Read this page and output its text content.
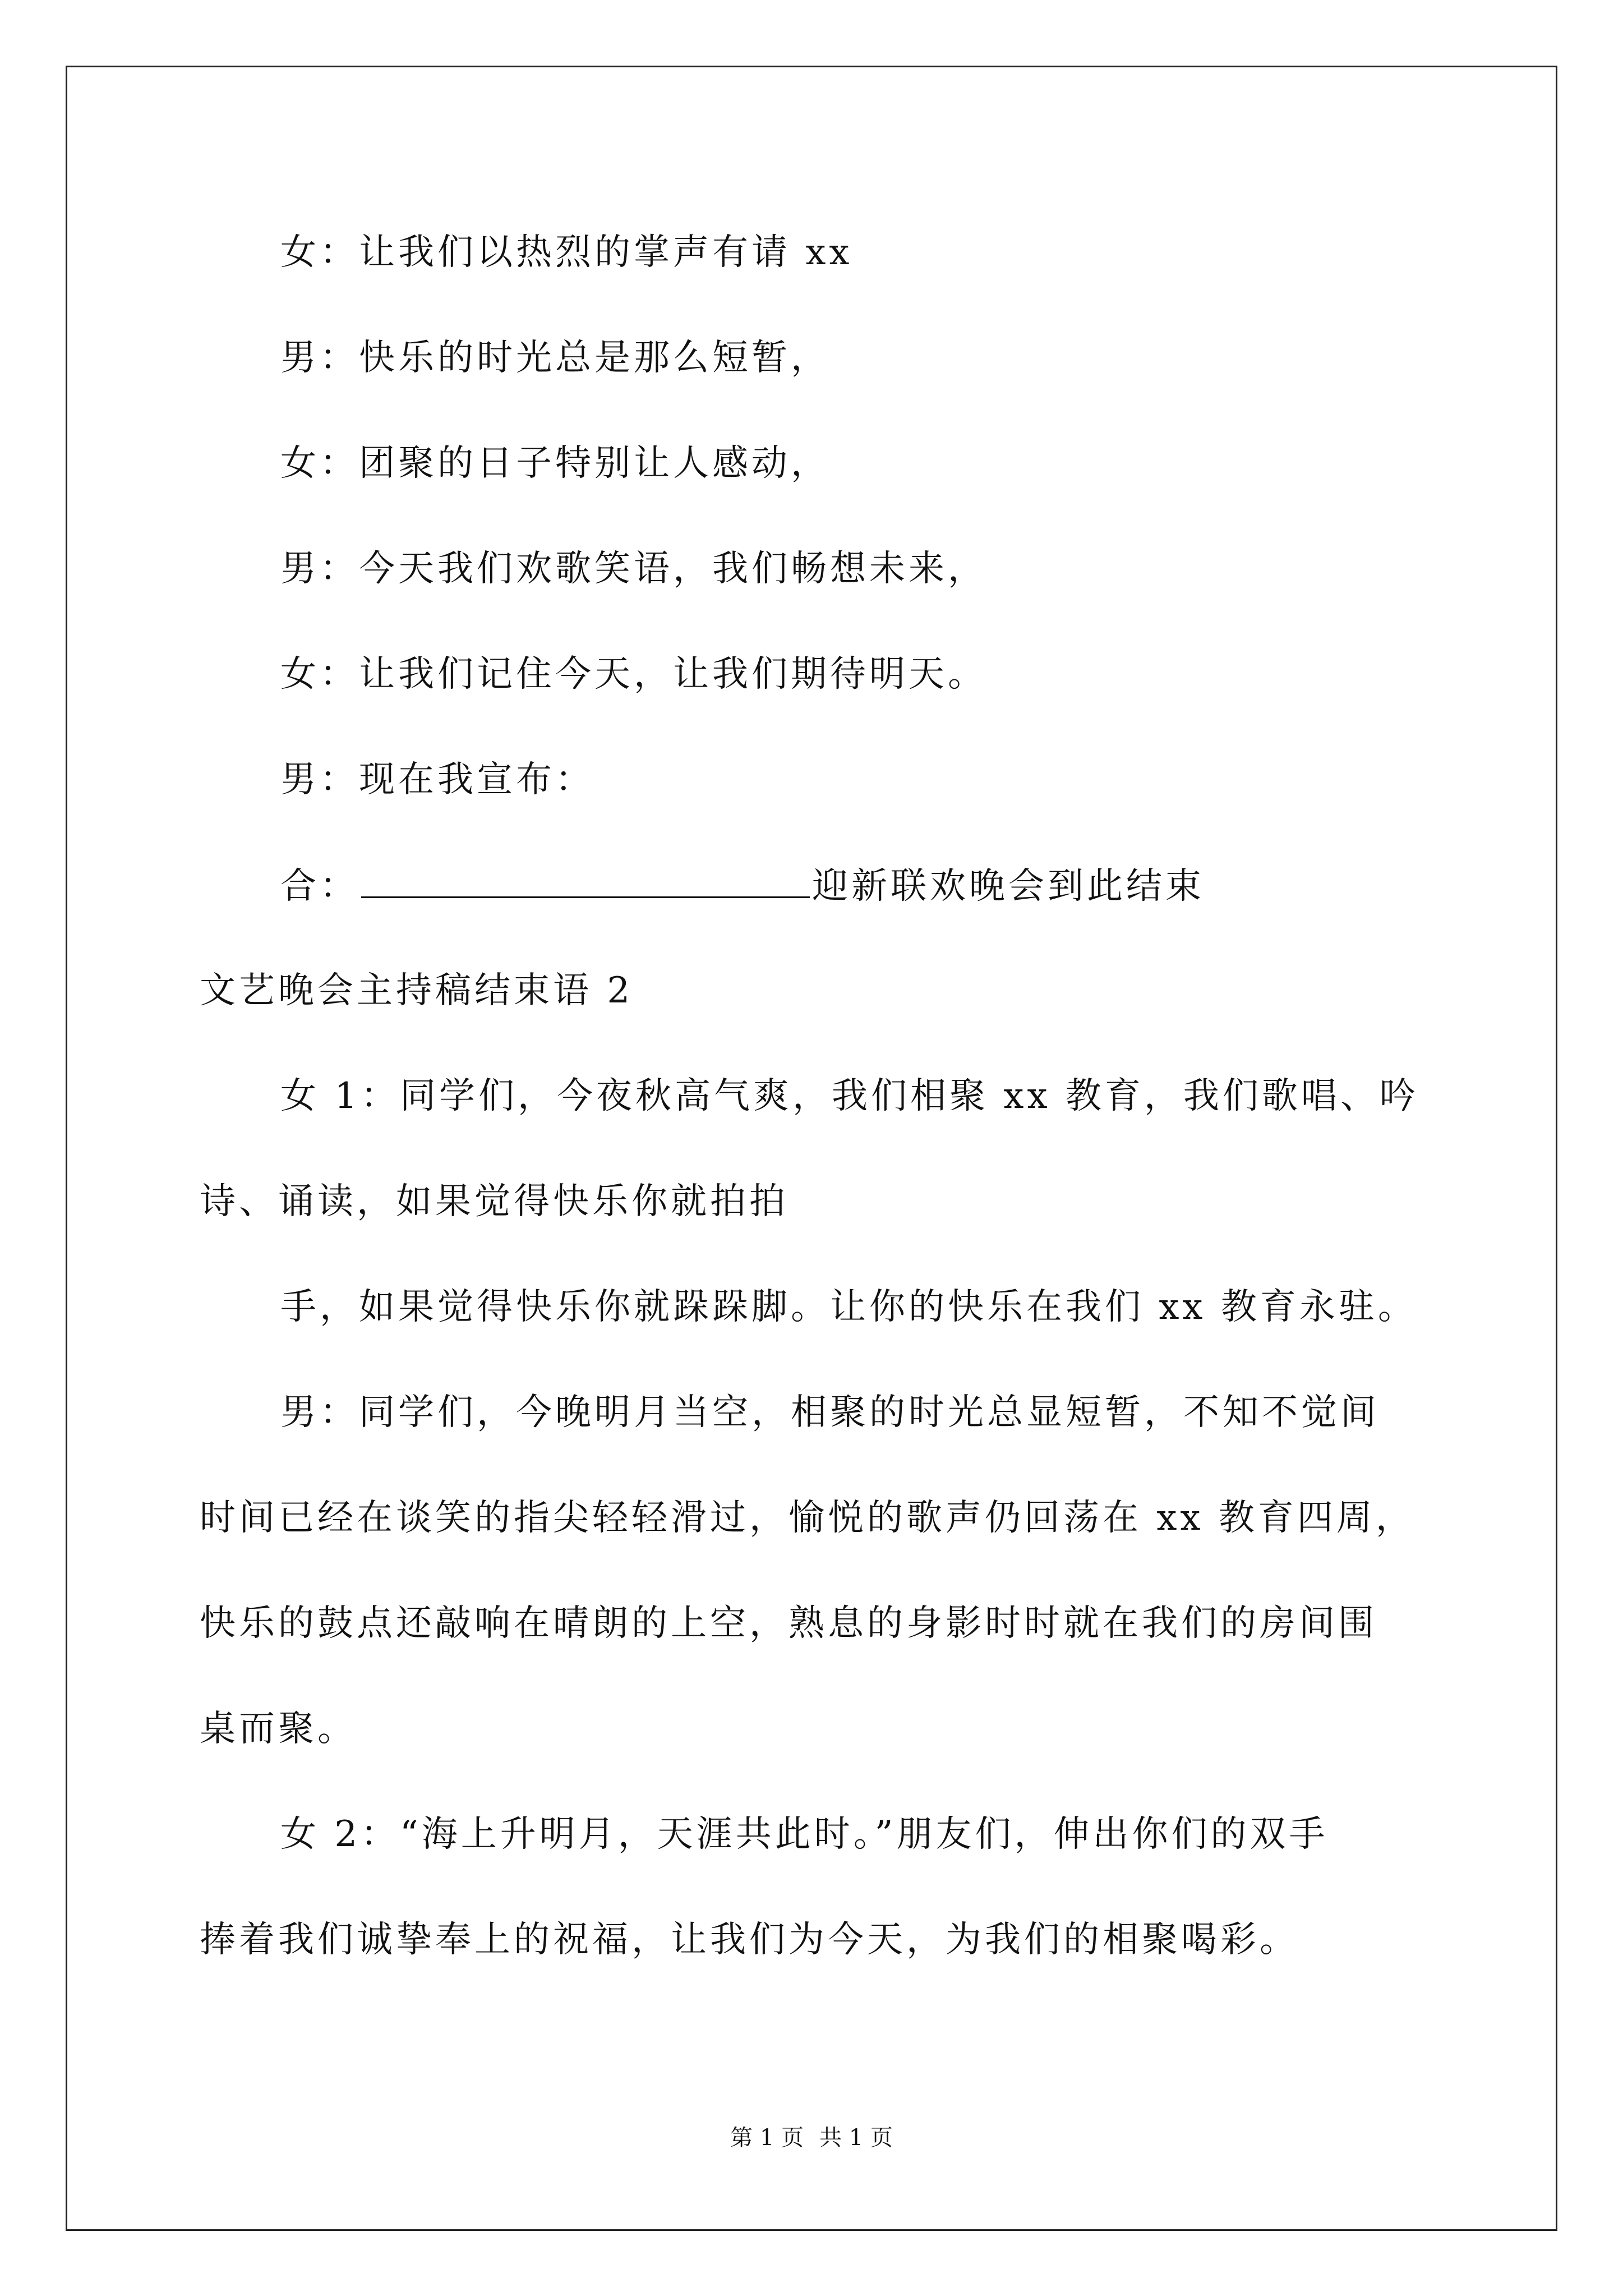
女：让我们以热烈的掌声有请 xx
男：快乐的时光总是那么短暂，
女：团聚的日子特别让人感动，
男：今天我们欢歌笑语，我们畅想未来，
女：让我们记住今天，让我们期待明天。
男：现在我宣布：
合：	迎新联欢晚会到此结束
文艺晚会主持稿结束语 2
女 1：同学们，今夜秋高气爽，我们相聚 xx 教育，我们歌唱、吟
诗、诵读，如果觉得快乐你就拍拍
手，如果觉得快乐你就跺跺脚。让你的快乐在我们 xx 教育永驻。
男：同学们，今晚明月当空，相聚的时光总显短暂，不知不觉间
时间已经在谈笑的指尖轻轻滑过，愉悦的歌声仍回荡在 xx 教育四周，
快乐的鼓点还敲响在晴朗的上空，熟息的身影时时就在我们的房间围
桌而聚。
女 2：“海上升明月，天涯共此时。”朋友们，伸出你们的双手
捧着我们诚挚奉上的祝福，让我们为今天，为我们的相聚喝彩。
第 1 页 共 1 页
